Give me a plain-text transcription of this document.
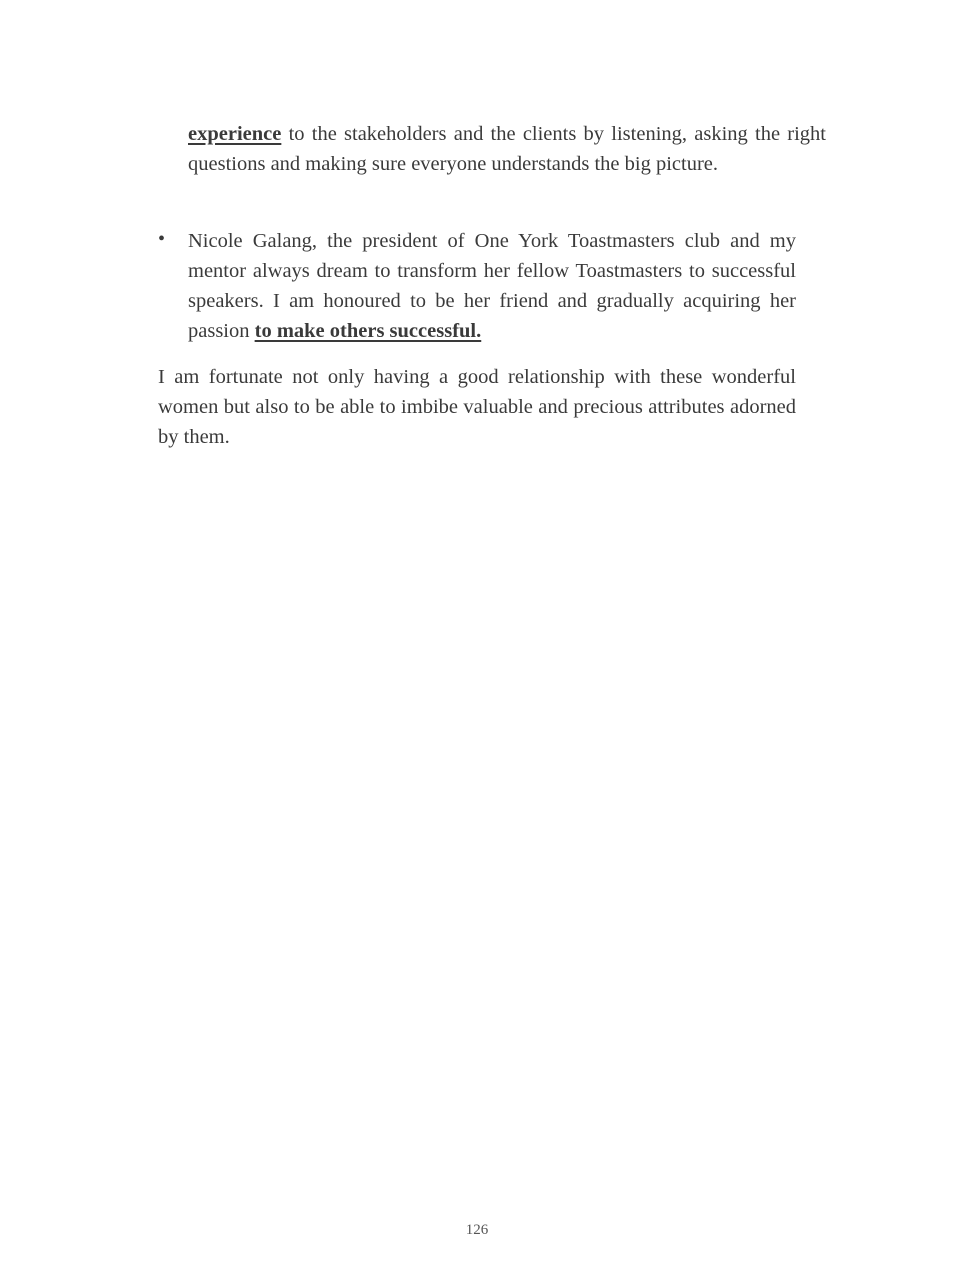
experience to the stakeholders and the clients by listening, asking the right questions and making sure everyone understands the big picture.

•	Nicole Galang, the president of One York Toastmasters club and my mentor always dream to transform her fellow Toastmasters to successful speakers. I am honoured to be her friend and gradually acquiring her passion to make others successful.

I am fortunate not only having a good relationship with these wonderful women but also to be able to imbibe valuable and precious attributes adorned by them.

126
